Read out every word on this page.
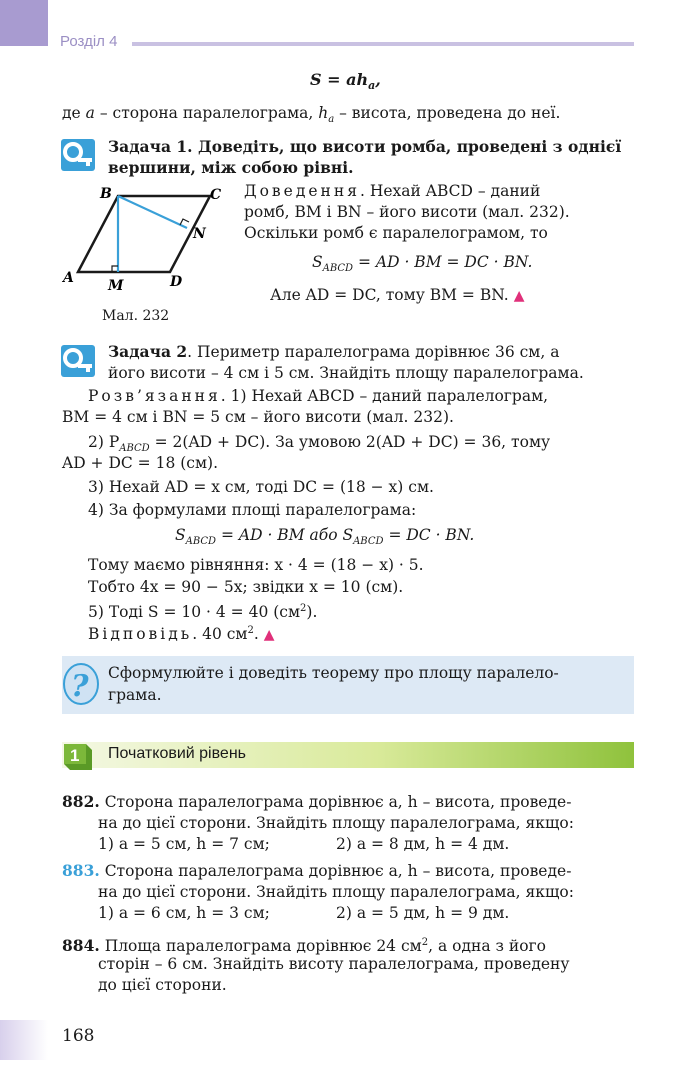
Розділ 4
$S = ah_a$,
де a – сторона паралелограма, $h_a$ – висота, проведена до неї.
Задача 1. Доведіть, що висоти ромба, проведені з однієї
вершини, між собою рівні.
A
B	C
D
M
N
Мал. 232
Доведення. Нехай ABCD – даний
ромб, BM і BN – його висоти (мал. 232).
Оскільки ромб є паралелограмом, то
$S_{ABCD}$ = AD · BM = DC · BN.
Але AD = DC, тому BM = BN. ▲
Задача 2. Периметр паралелограма дорівнює 36 см, а
його висоти – 4 см і 5 см. Знайдіть площу паралелограма.
Розв’язання. 1) Нехай ABCD – даний паралелограм,
BM = 4 см і BN = 5 см – його висоти (мал. 232).
2) $P_{ABCD} = 2(AD + DC)$. За умовою 2(AD + DC) = 36, тому
AD + DC = 18 (см).
3) Нехай AD = x см, тоді DC = (18 − x) см.
4) За формулами площі паралелограма:
$S_{ABCD}$ = AD · BM або $S_{ABCD}$ = DC · BN.
Тому маємо рівняння: x · 4 = (18 − x) · 5.
Тобто 4x = 90 − 5x; звідки x = 10 (см).
5) Тоді S = 10 · 4 = 40 $(см^2)$.
Відповідь. 40 $см^2$. ▲
? Сформулюйте і доведіть теорему про площу паралело-
грама.
1 Початковий рівень
882. Сторона паралелограма дорівнює a, h – висота, проведе-
на до цієї сторони. Знайдіть площу паралелограма, якщо:
1) a = 5 см, h = 7 см;	2) a = 8 дм, h = 4 дм.
883. Сторона паралелограма дорівнює a, h – висота, проведе-
на до цієї сторони. Знайдіть площу паралелограма, якщо:
1) a = 6 см, h = 3 см;	2) a = 5 дм, h = 9 дм.
884. Площа паралелограма дорівнює 24 $см^2$, а одна з його
сторін – 6 см. Знайдіть висоту паралелограма, проведену
до цієї сторони.
168
